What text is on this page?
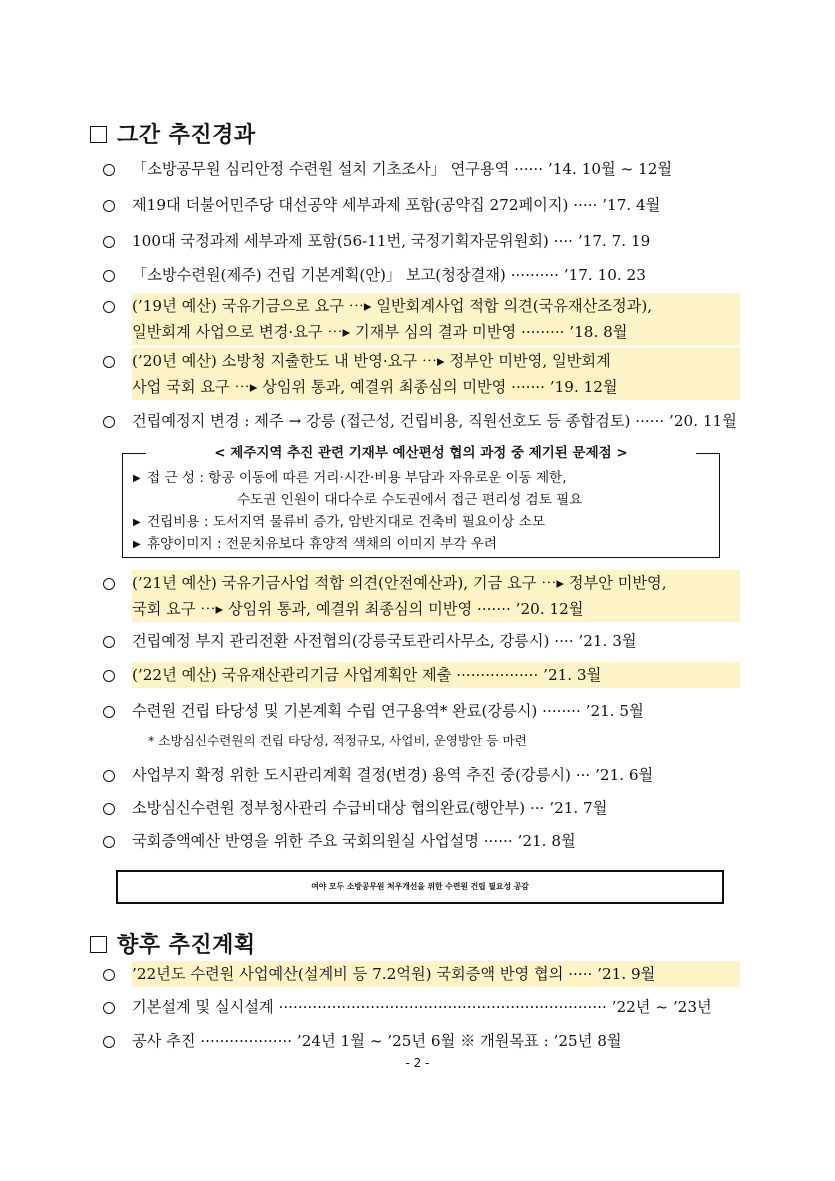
그간 추진경과
「소방공무원 심리안정 수련원 설치 기초조사」 연구용역 ······ ’14. 10월 ~ 12월
제19대 더불어민주당 대선공약 세부과제 포함(공약집 272페이지) ····· ’17. 4월
100대 국정과제 세부과제 포함(56-11번, 국정기획자문위원회) ···· ’17. 7. 19
「소방수련원(제주) 건립 기본계획(안)」 보고(청장결재) ·········· ’17. 10. 23
(’19년 예산) 국유기금으로 요구 ⋯▸ 일반회계사업 적합 의견(국유재산조정과),
일반회계 사업으로 변경·요구 ⋯▸ 기재부 심의 결과 미반영 ········· ’18. 8월
(’20년 예산) 소방청 지출한도 내 반영·요구 ⋯▸ 정부안 미반영, 일반회계
사업 국회 요구 ⋯▸ 상임위 통과, 예결위 최종심의 미반영 ······· ’19. 12월
건립예정지 변경 : 제주 → 강릉 (접근성, 건립비용, 직원선호도 등 종합검토) ······ ’20. 11월
< 제주지역 추진 관련 기재부 예산편성 협의 과정 중 제기된 문제점 >
▶ 접 근 성 : 항공 이동에 따른 거리·시간·비용 부담과 자유로운 이동 제한,
수도권 인원이 대다수로 수도권에서 접근 편리성 검토 필요
▶ 건립비용 : 도서지역 물류비 증가, 암반지대로 건축비 필요이상 소모
▶ 휴양이미지 : 전문치유보다 휴양적 색채의 이미지 부각 우려
(’21년 예산) 국유기금사업 적합 의견(안전예산과), 기금 요구 ⋯▸ 정부안 미반영,
국회 요구 ⋯▸ 상임위 통과, 예결위 최종심의 미반영 ······· ’20. 12월
건립예정 부지 관리전환 사전협의(강릉국토관리사무소, 강릉시) ···· ’21. 3월
(’22년 예산) 국유재산관리기금 사업계획안 제출 ················· ’21. 3월
수련원 건립 타당성 및 기본계획 수립 연구용역* 완료(강릉시) ········ ’21. 5월
* 소방심신수련원의 건립 타당성, 적정규모, 사업비, 운영방안 등 마련
사업부지 확정 위한 도시관리계획 결정(변경) 용역 추진 중(강릉시) ··· ’21. 6월
소방심신수련원 정부청사관리 수급비대상 협의완료(행안부) ··· ’21. 7월
국회증액예산 반영을 위한 주요 국회의원실 사업설명 ······ ’21. 8월
여야 모두 소방공무원 처우개선을 위한 수련원 건립 필요성 공감
향후 추진계획
’22년도 수련원 사업예산(설계비 등 7.2억원) 국회증액 반영 협의 ····· ’21. 9월
기본설계 및 실시설계 ···································································· ’22년 ~ ’23년
공사 추진 ··················· ’24년 1월 ~ ’25년 6월 ※ 개원목표 : ’25년 8월
- 2 -
